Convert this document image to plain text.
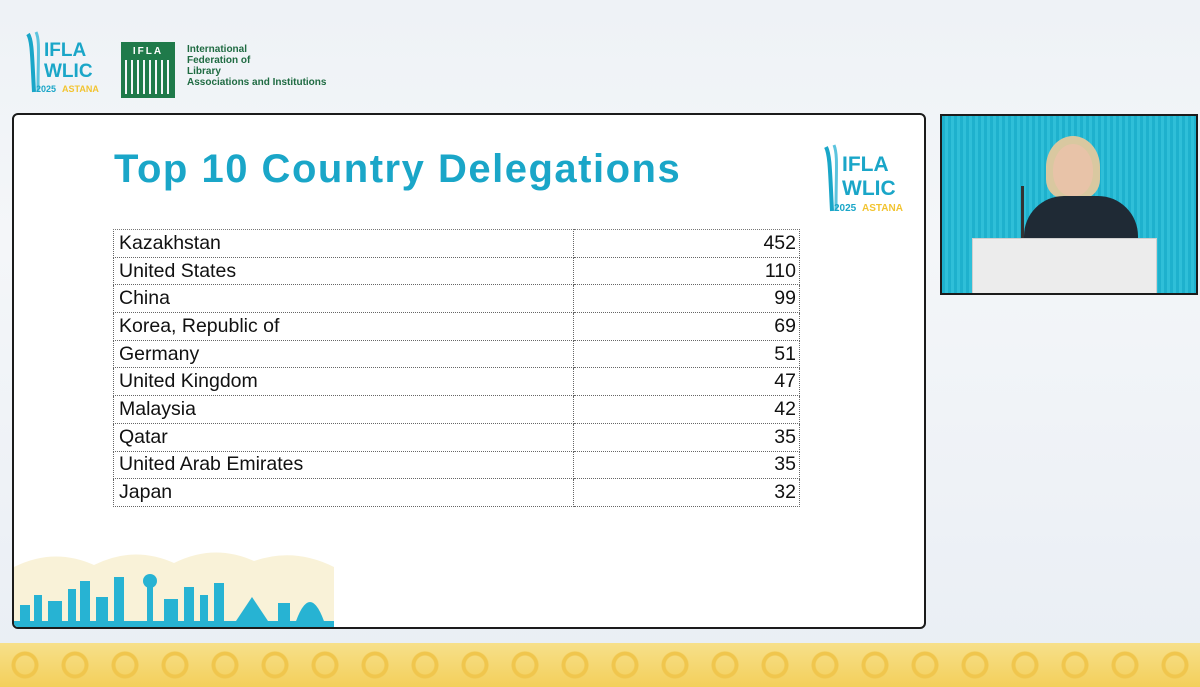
IFLA
WLIC
2025 ASTANA
IFLA	International
Federation of
Library
Associations and Institutions
Top 10 Country Delegations	IFLA
WLIC
2025 ASTANA
Kazakhstan	452
United States	110
China	99
Korea, Republic of	69
Germany	51
United Kingdom	47
Malaysia	42
Qatar	35
United Arab Emirates	35
Japan	32
